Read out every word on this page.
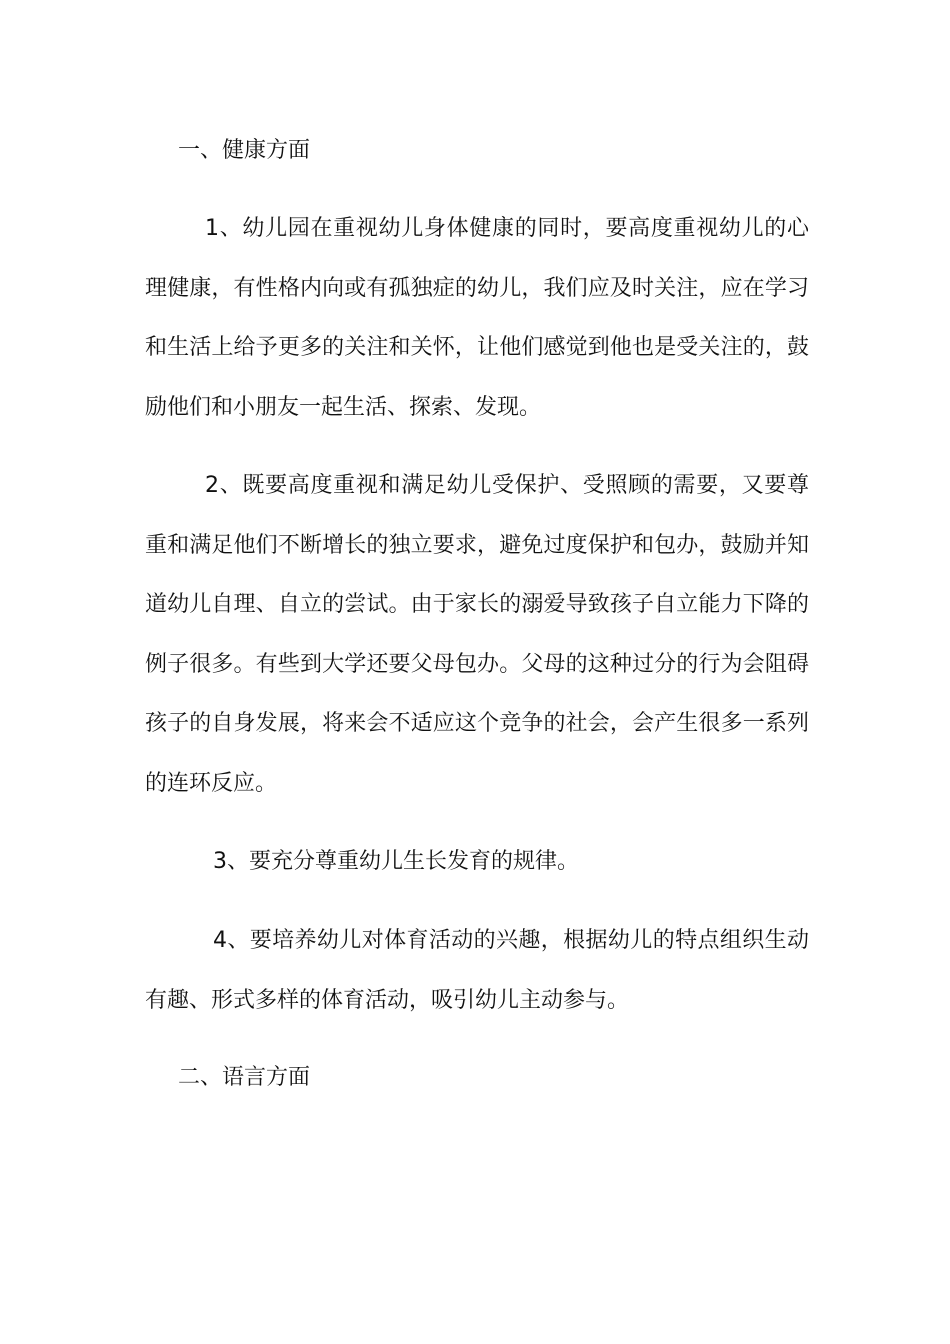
一、健康方面

1、幼儿园在重视幼儿身体健康的同时，要高度重视幼儿的心理健康，有性格内向或有孤独症的幼儿，我们应及时关注，应在学习和生活上给予更多的关注和关怀，让他们感觉到他也是受关注的，鼓励他们和小朋友一起生活、探索、发现。

2、既要高度重视和满足幼儿受保护、受照顾的需要，又要尊重和满足他们不断增长的独立要求，避免过度保护和包办，鼓励并知道幼儿自理、自立的尝试。由于家长的溺爱导致孩子自立能力下降的例子很多。有些到大学还要父母包办。父母的这种过分的行为会阻碍孩子的自身发展，将来会不适应这个竞争的社会，会产生很多一系列的连环反应。

3、要充分尊重幼儿生长发育的规律。

4、要培养幼儿对体育活动的兴趣，根据幼儿的特点组织生动有趣、形式多样的体育活动，吸引幼儿主动参与。

二、语言方面
